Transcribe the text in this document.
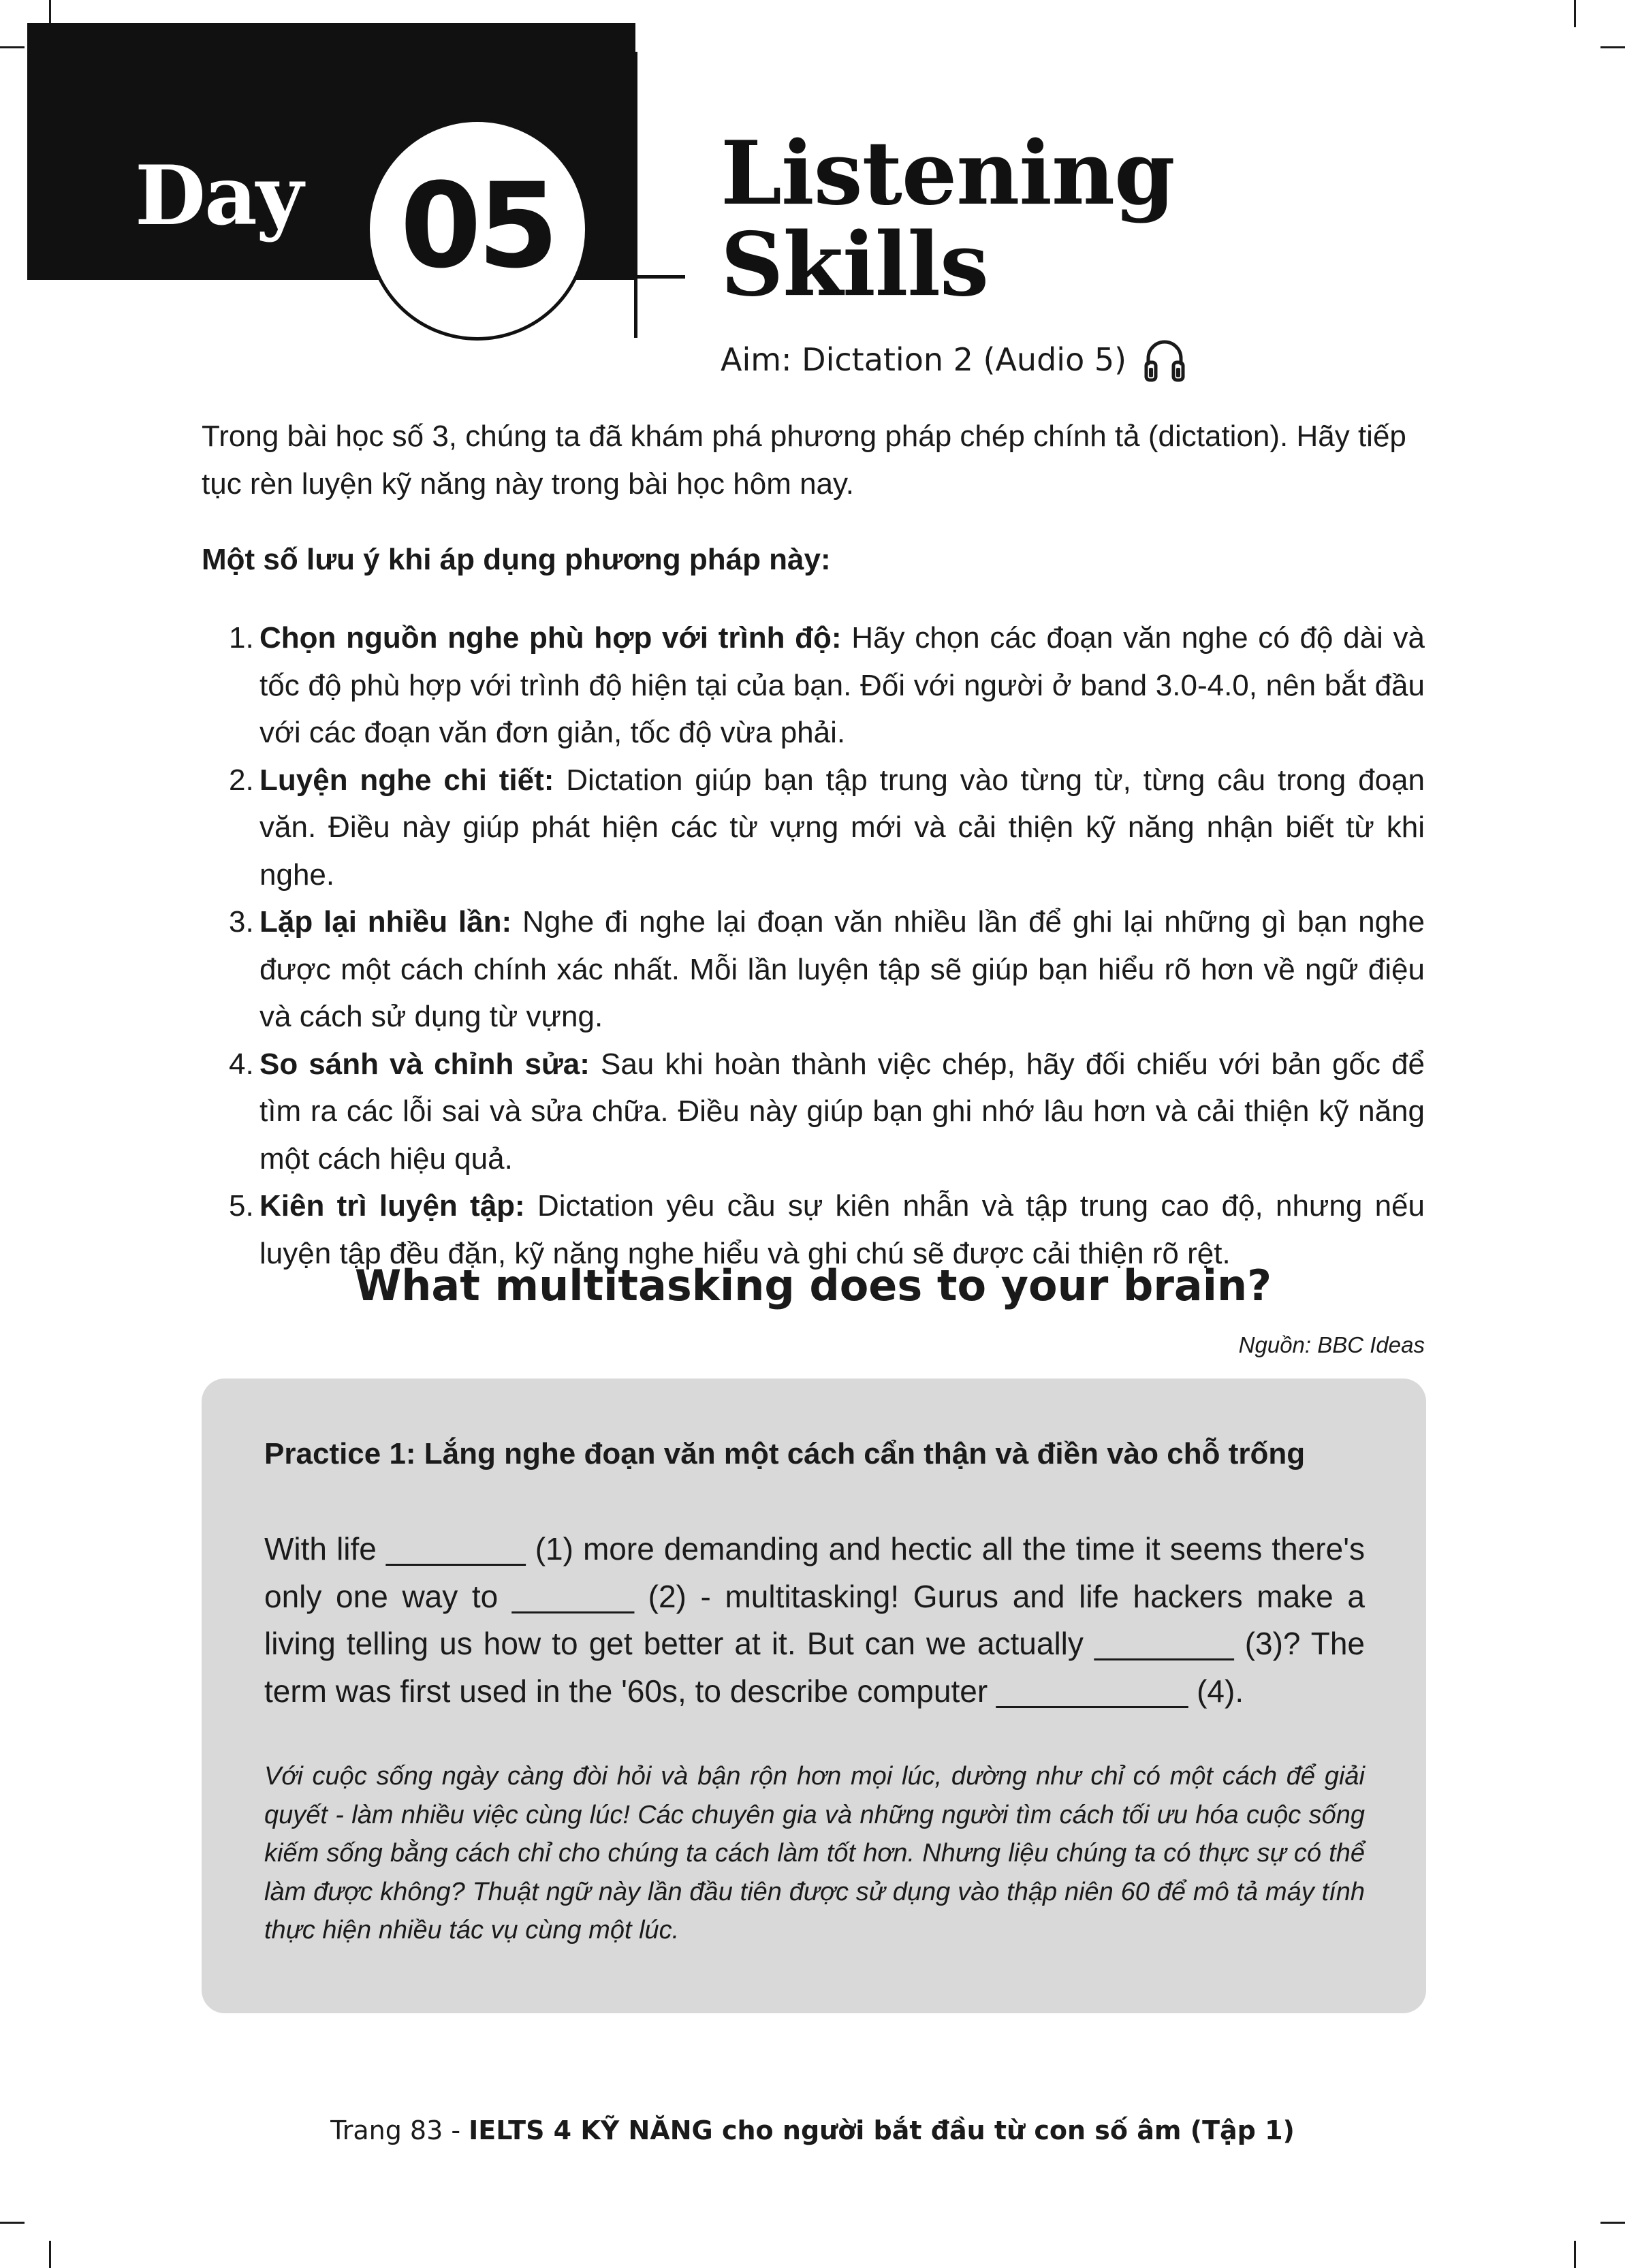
Day 05	Listening
Skills
Aim: Dictation 2 (Audio 5)

Trong bài học số 3, chúng ta đã khám phá phương pháp chép chính tả (dictation). Hãy tiếp tục rèn luyện kỹ năng này trong bài học hôm nay.

Một số lưu ý khi áp dụng phương pháp này:

1. Chọn nguồn nghe phù hợp với trình độ: Hãy chọn các đoạn văn nghe có độ dài và tốc độ phù hợp với trình độ hiện tại của bạn. Đối với người ở band 3.0-4.0, nên bắt đầu với các đoạn văn đơn giản, tốc độ vừa phải.
2. Luyện nghe chi tiết: Dictation giúp bạn tập trung vào từng từ, từng câu trong đoạn văn. Điều này giúp phát hiện các từ vựng mới và cải thiện kỹ năng nhận biết từ khi nghe.
3. Lặp lại nhiều lần: Nghe đi nghe lại đoạn văn nhiều lần để ghi lại những gì bạn nghe được một cách chính xác nhất. Mỗi lần luyện tập sẽ giúp bạn hiểu rõ hơn về ngữ điệu và cách sử dụng từ vựng.
4. So sánh và chỉnh sửa: Sau khi hoàn thành việc chép, hãy đối chiếu với bản gốc để tìm ra các lỗi sai và sửa chữa. Điều này giúp bạn ghi nhớ lâu hơn và cải thiện kỹ năng một cách hiệu quả.
5. Kiên trì luyện tập: Dictation yêu cầu sự kiên nhẫn và tập trung cao độ, nhưng nếu luyện tập đều đặn, kỹ năng nghe hiểu và ghi chú sẽ được cải thiện rõ rệt.
What multitasking does to your brain?
Nguồn: BBC Ideas

Practice 1: Lắng nghe đoạn văn một cách cẩn thận và điền vào chỗ trống

With life ________ (1) more demanding and hectic all the time it seems there's only one way to _______ (2) - multitasking! Gurus and life hackers make a living telling us how to get better at it. But can we actually ________ (3)? The term was first used in the '60s, to describe computer ___________ (4).

Với cuộc sống ngày càng đòi hỏi và bận rộn hơn mọi lúc, dường như chỉ có một cách để giải quyết - làm nhiều việc cùng lúc! Các chuyên gia và những người tìm cách tối ưu hóa cuộc sống kiếm sống bằng cách chỉ cho chúng ta cách làm tốt hơn. Nhưng liệu chúng ta có thực sự có thể làm được không? Thuật ngữ này lần đầu tiên được sử dụng vào thập niên 60 để mô tả máy tính thực hiện nhiều tác vụ cùng một lúc.

Trang 83 - IELTS 4 KỸ NĂNG cho người bắt đầu từ con số âm (Tập 1)
